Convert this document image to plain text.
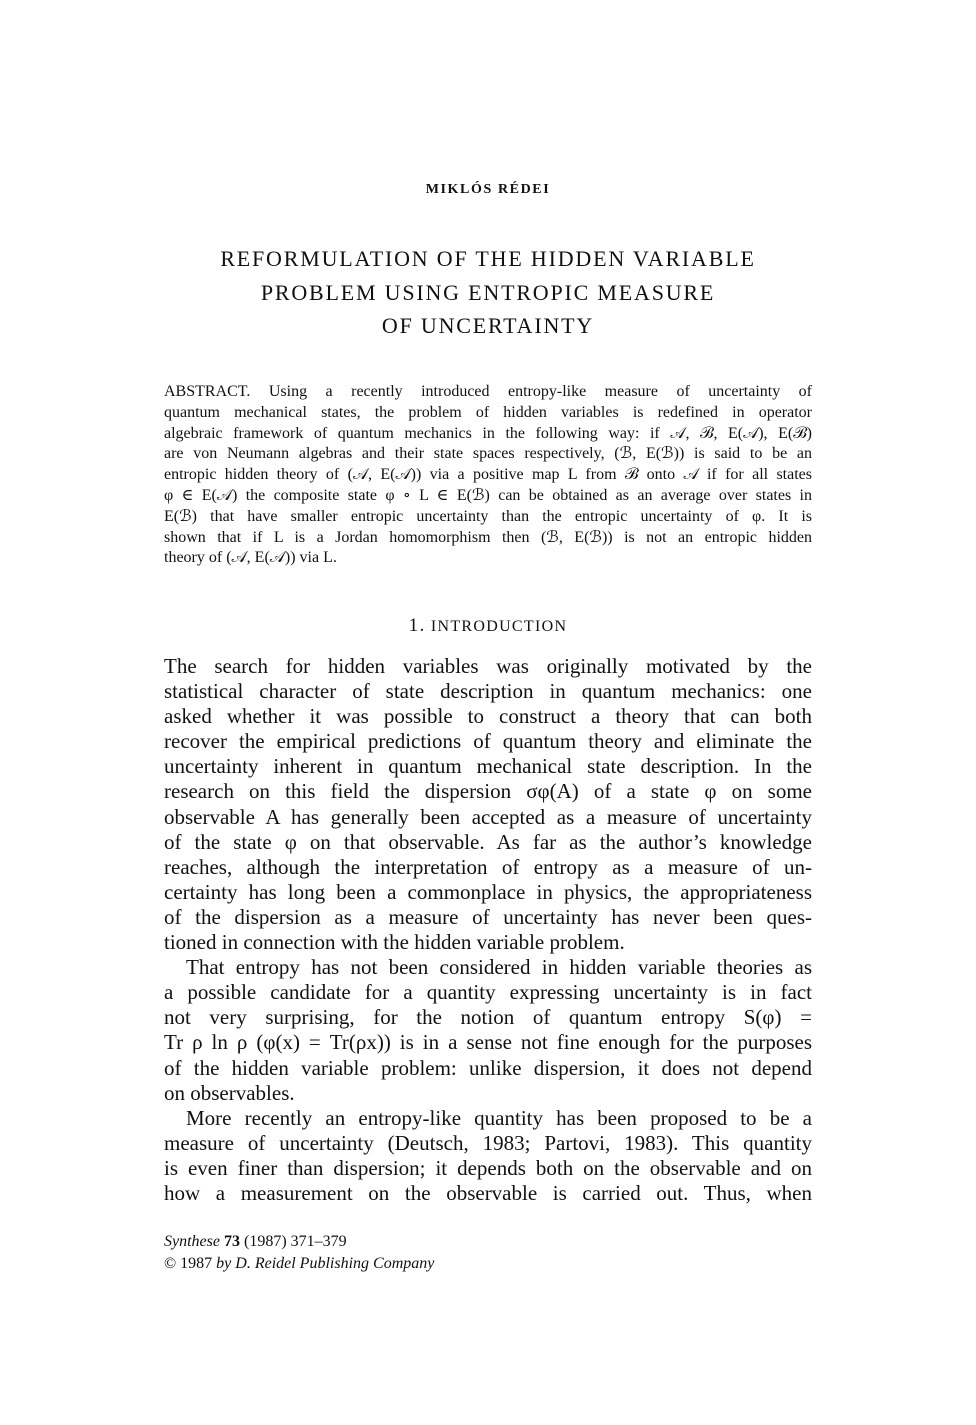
MIKLÓS RÉDEI
REFORMULATION OF THE HIDDEN VARIABLE
PROBLEM USING ENTROPIC MEASURE
OF UNCERTAINTY
ABSTRACT. Using a recently introduced entropy-like measure of uncertainty of
quantum mechanical states, the problem of hidden variables is redefined in operator
algebraic framework of quantum mechanics in the following way: if 𝒜, ℬ, E(𝒜), E(ℬ)
are von Neumann algebras and their state spaces respectively, (ℬ, E(ℬ)) is said to be an
entropic hidden theory of (𝒜, E(𝒜)) via a positive map L from ℬ onto 𝒜 if for all states
φ ∈ E(𝒜) the composite state φ ∘ L ∈ E(ℬ) can be obtained as an average over states in
E(ℬ) that have smaller entropic uncertainty than the entropic uncertainty of φ. It is
shown that if L is a Jordan homomorphism then (ℬ, E(ℬ)) is not an entropic hidden
theory of (𝒜, E(𝒜)) via L.
1. INTRODUCTION
The search for hidden variables was originally motivated by the
statistical character of state description in quantum mechanics: one
asked whether it was possible to construct a theory that can both
recover the empirical predictions of quantum theory and eliminate the
uncertainty inherent in quantum mechanical state description. In the
research on this field the dispersion σφ(A) of a state φ on some
observable A has generally been accepted as a measure of uncertainty
of the state φ on that observable. As far as the author’s knowledge
reaches, although the interpretation of entropy as a measure of un-
certainty has long been a commonplace in physics, the appropriateness
of the dispersion as a measure of uncertainty has never been ques-
tioned in connection with the hidden variable problem.
That entropy has not been considered in hidden variable theories as
a possible candidate for a quantity expressing uncertainty is in fact
not very surprising, for the notion of quantum entropy S(φ) =
Tr ρ ln ρ (φ(x) = Tr(ρx)) is in a sense not fine enough for the purposes
of the hidden variable problem: unlike dispersion, it does not depend
on observables.
More recently an entropy-like quantity has been proposed to be a
measure of uncertainty (Deutsch, 1983; Partovi, 1983). This quantity
is even finer than dispersion; it depends both on the observable and on
how a measurement on the observable is carried out. Thus, when
Synthese 73 (1987) 371–379
© 1987 by D. Reidel Publishing Company
